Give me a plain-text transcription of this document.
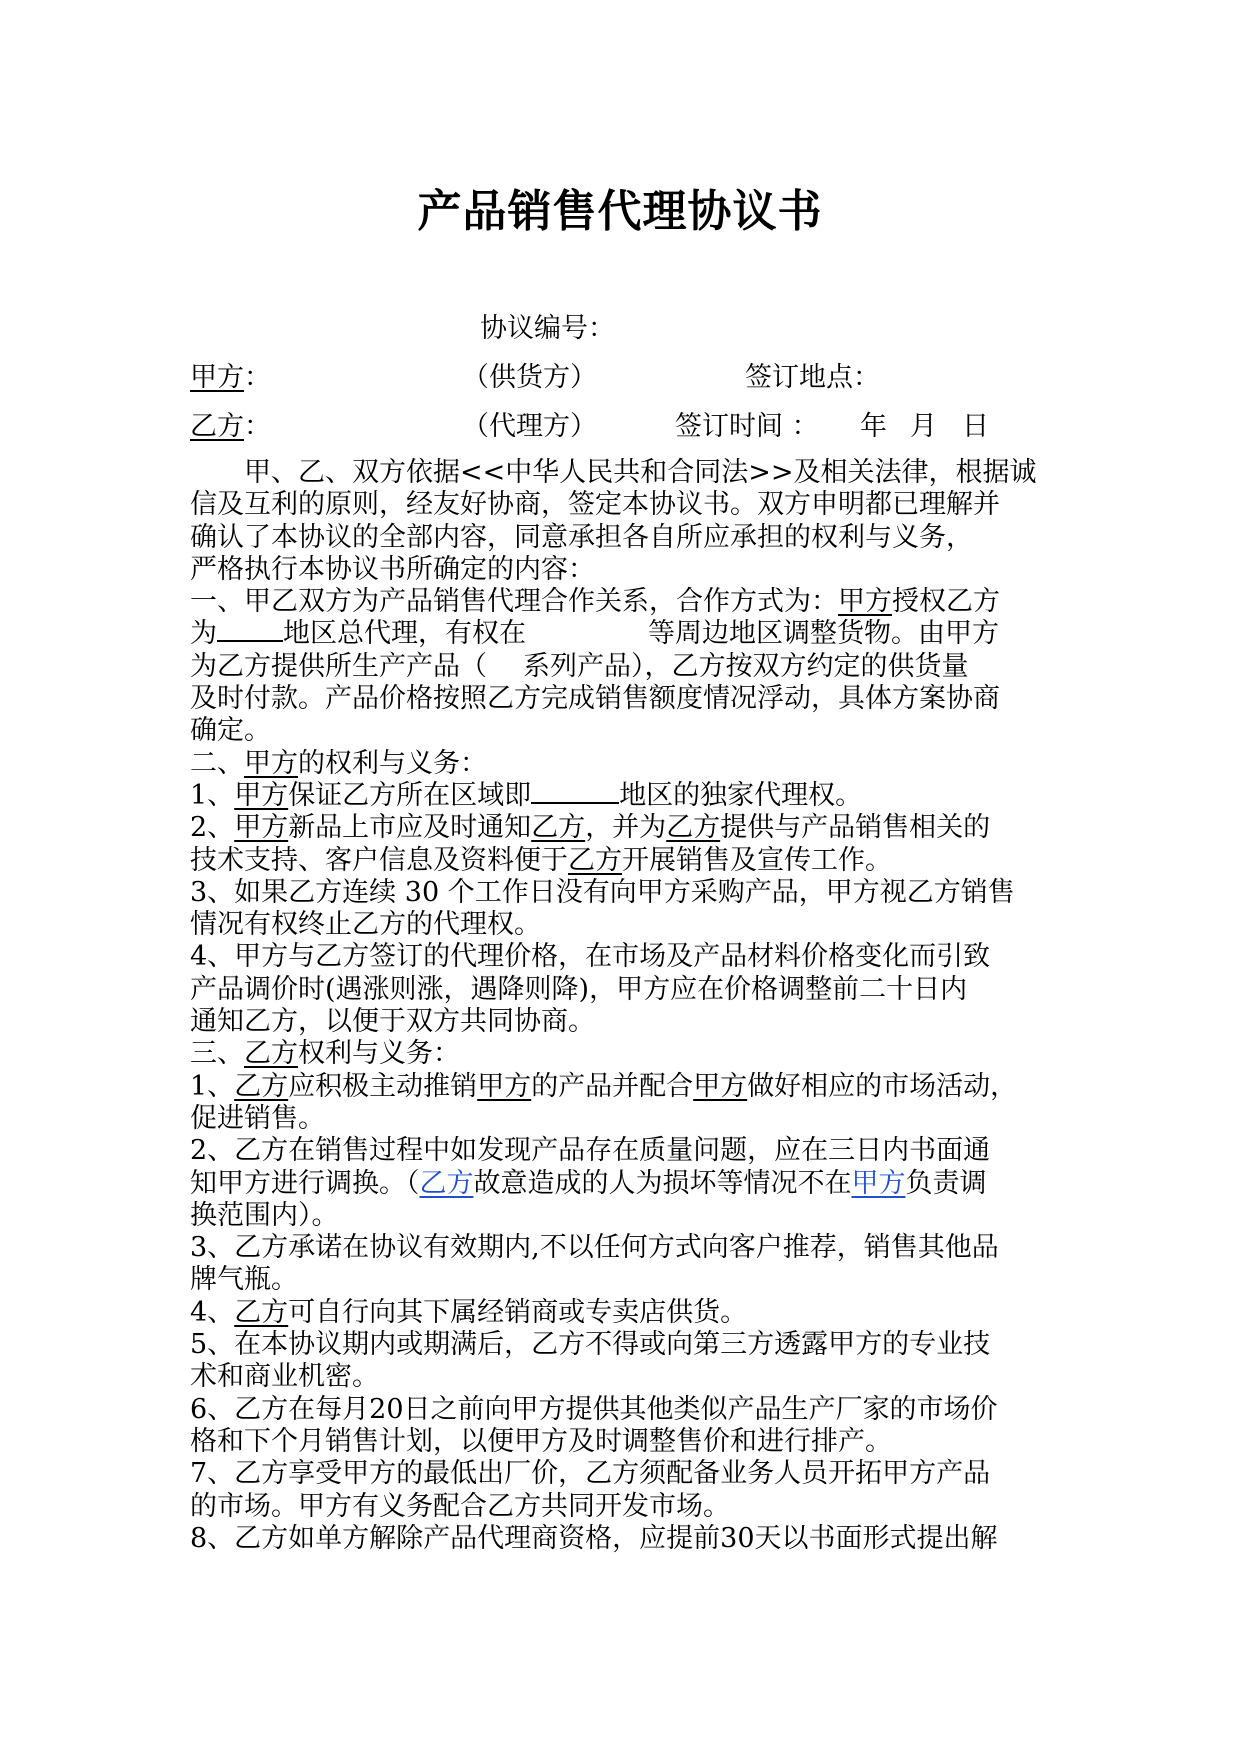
产品销售代理协议书
协议编号：
甲方：	（供货方）	签订地点：
乙方：	（代理方）	签订时间 ： 年 月 日

甲、乙、双方依据<<中华人民共和合同法>>及相关法律，根据诚

信及互利的原则，经友好协商，签定本协议书。双方申明都已理解并

确认了本协议的全部内容，同意承担各自所应承担的权利与义务，

严格执行本协议书所确定的内容：

一、甲乙双方为产品销售代理合作关系，合作方式为：甲方授权乙方

为 地区总代理，有权在	等周边地区调整货物。由甲方

为乙方提供所生产产品（ 系列产品），乙方按双方约定的供货量

及时付款。产品价格按照乙方完成销售额度情况浮动，具体方案协商

确定。

二、甲方的权利与义务：

1、甲方保证乙方所在区域即	地区的独家代理权。

2、甲方新品上市应及时通知乙方，并为乙方提供与产品销售相关的

技术支持、客户信息及资料便于乙方开展销售及宣传工作。

3、如果乙方连续 30 个工作日没有向甲方采购产品，甲方视乙方销售

情况有权终止乙方的代理权。

4、甲方与乙方签订的代理价格，在市场及产品材料价格变化而引致

产品调价时(遇涨则涨，遇降则降)，甲方应在价格调整前二十日内

通知乙方，以便于双方共同协商。

三、乙方权利与义务：

1、乙方应积极主动推销甲方的产品并配合甲方做好相应的市场活动，

促进销售。

2、乙方在销售过程中如发现产品存在质量问题，应在三日内书面通

知甲方进行调换。（乙方故意造成的人为损坏等情况不在甲方负责调

换范围内）。

3、乙方承诺在协议有效期内,不以任何方式向客户推荐，销售其他品

牌气瓶。

4、乙方可自行向其下属经销商或专卖店供货。

5、在本协议期内或期满后，乙方不得或向第三方透露甲方的专业技

术和商业机密。

6、乙方在每月20日之前向甲方提供其他类似产品生产厂家的市场价

格和下个月销售计划，以便甲方及时调整售价和进行排产。

7、乙方享受甲方的最低出厂价，乙方须配备业务人员开拓甲方产品

的市场。甲方有义务配合乙方共同开发市场。

8、乙方如单方解除产品代理商资格，应提前30天以书面形式提出解
